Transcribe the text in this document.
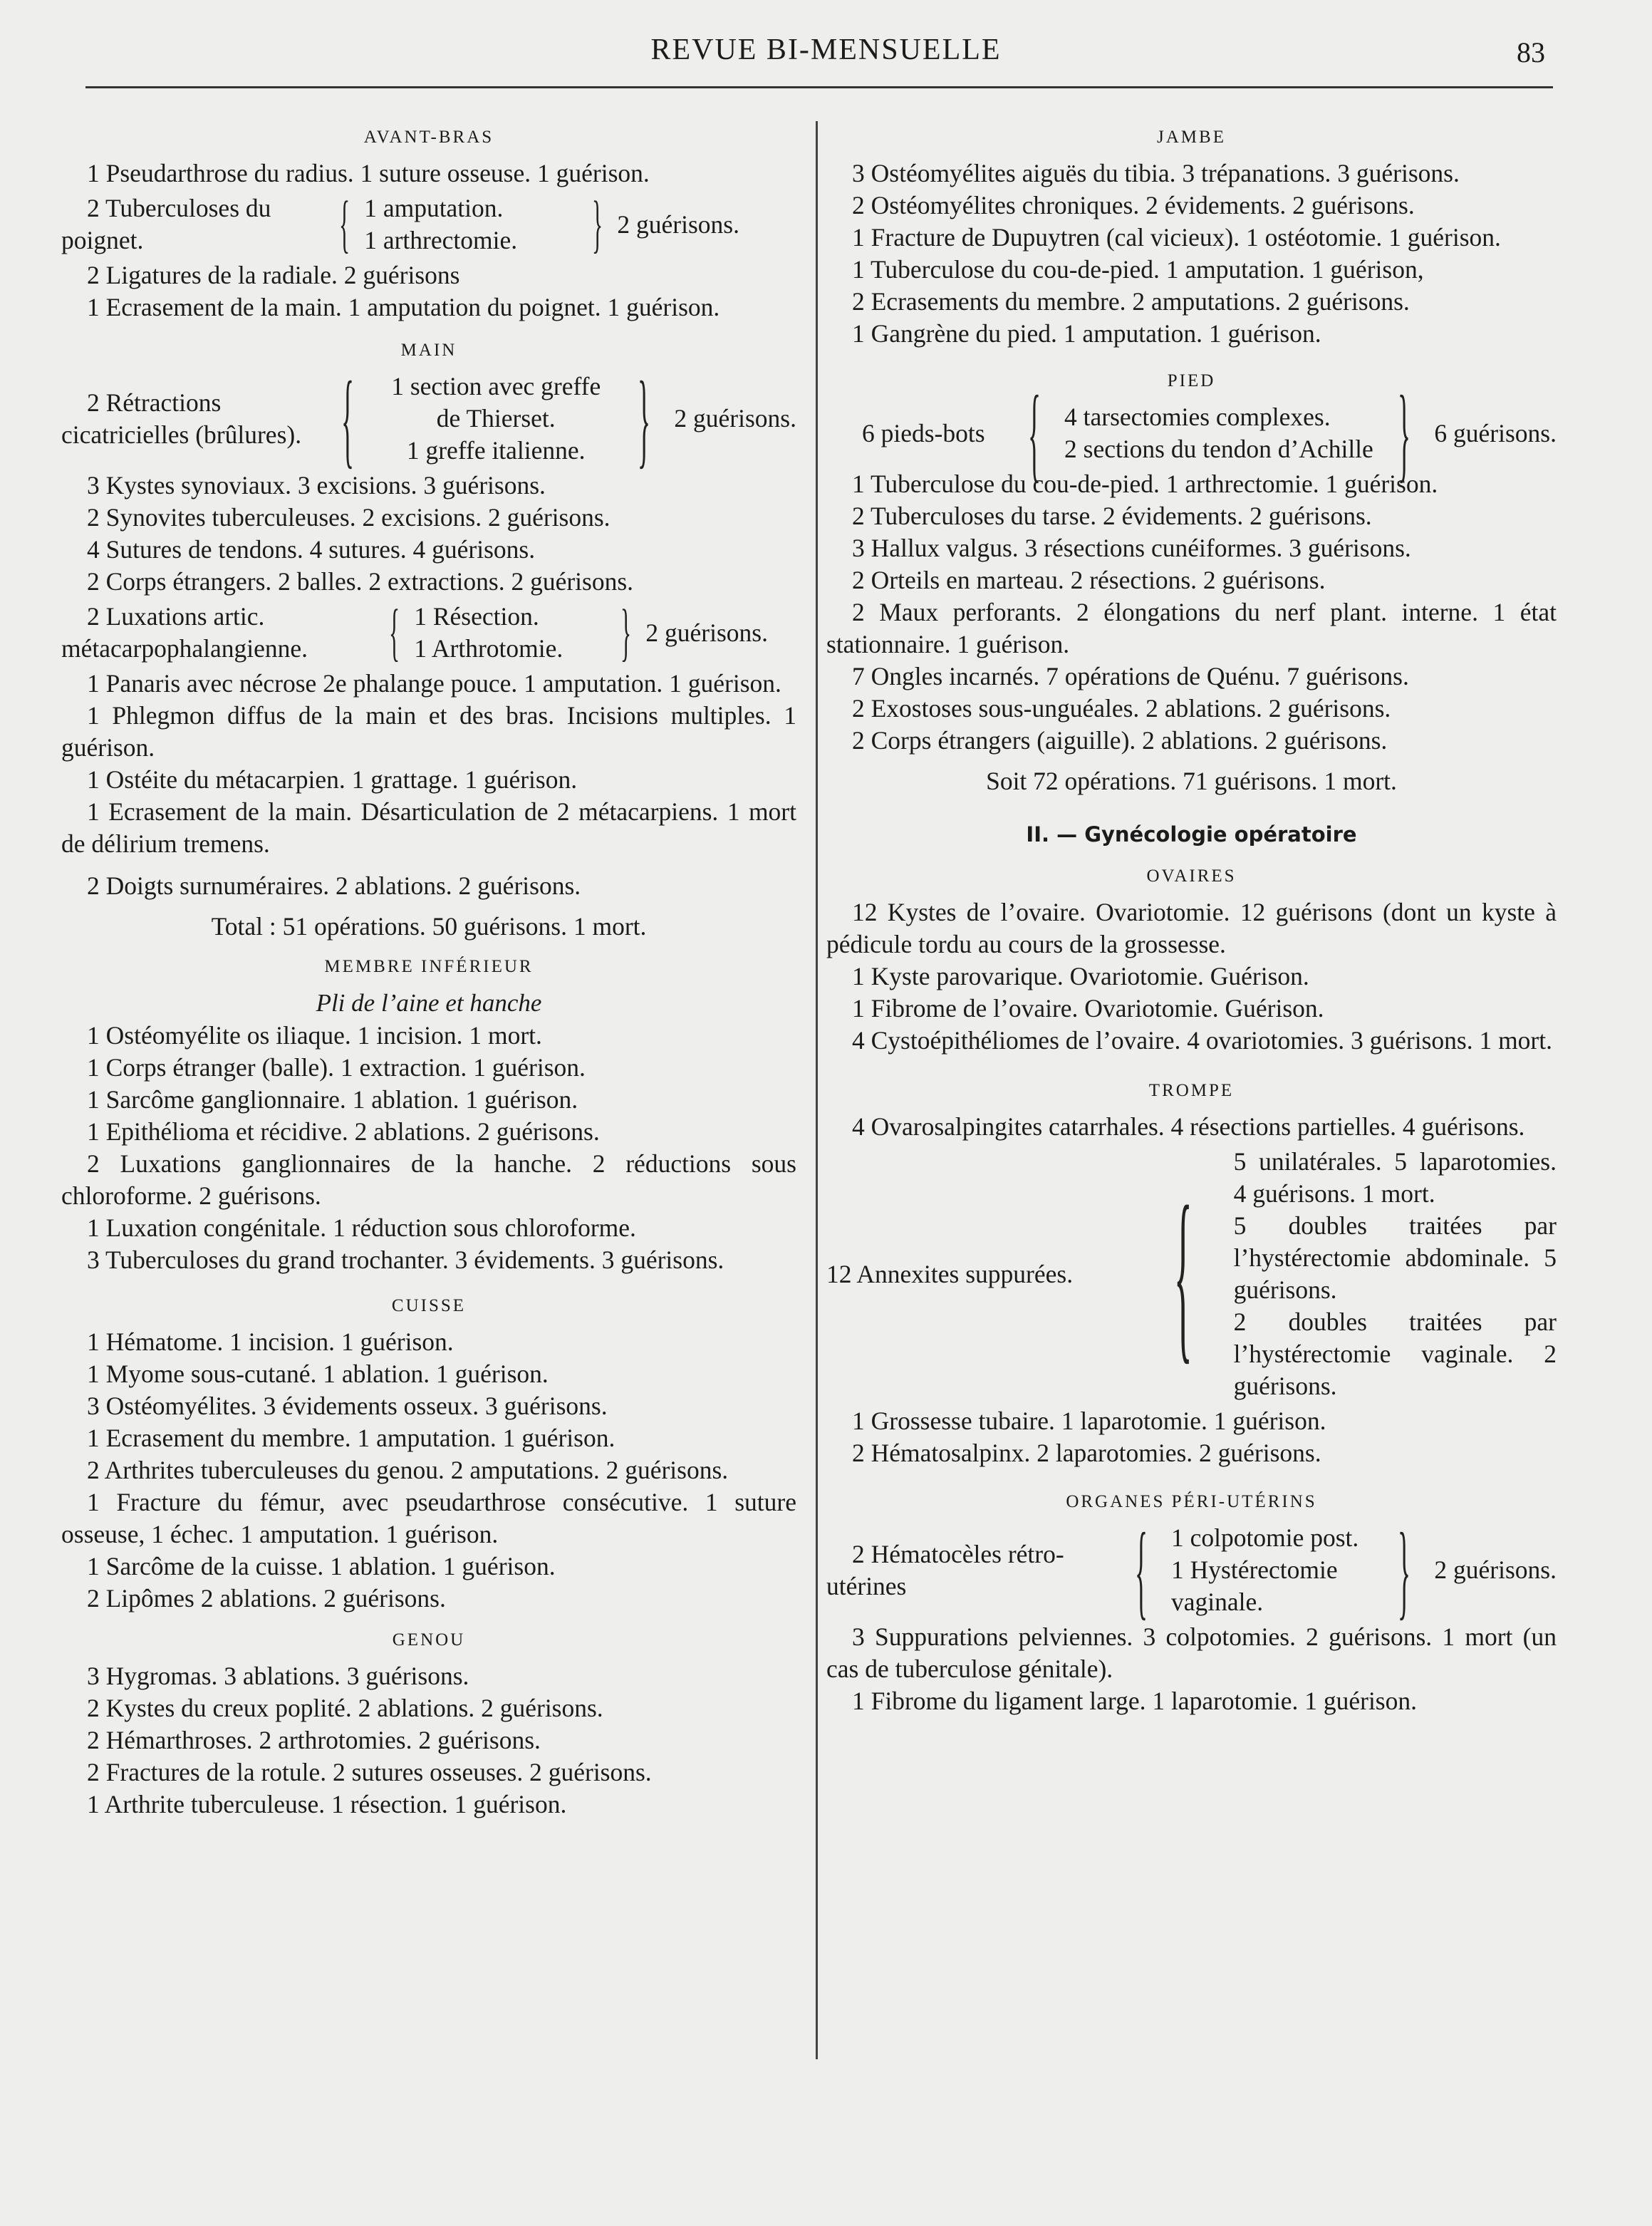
REVUE BI-MENSUELLE	83
AVANT-BRAS

1 Pseudarthrose du radius. 1 suture osseuse. 1 guérison.

2 Tuberculoses du poignet.	{ 1 amputation.
1 arthrectomie.	} 2 guérisons.

2 Ligatures de la radiale. 2 guérisons

1 Ecrasement de la main. 1 amputation du poignet. 1 guérison.

MAIN
2 Rétractions cicatricielles (brûlures). {	1 section avec greffe de Thierset.
1 greffe italienne. } 2 guérisons.

3 Kystes synoviaux. 3 excisions. 3 guérisons.

2 Synovites tuberculeuses. 2 excisions. 2 guérisons.

4 Sutures de tendons. 4 sutures. 4 guérisons.

2 Corps étrangers. 2 balles. 2 extractions. 2 guérisons.

2 Luxations artic. métacarpophalangienne.	{ 1 Résection.
1 Arthrotomie. } 2 guérisons.

1 Panaris avec nécrose 2e phalange pouce. 1 amputation. 1 guérison.

1 Phlegmon diffus de la main et des bras. Incisions multiples. 1 guérison.

1 Ostéite du métacarpien. 1 grattage. 1 guérison.

1 Ecrasement de la main. Désarticulation de 2 métacarpiens. 1 mort de délirium tremens.

2 Doigts surnuméraires. 2 ablations. 2 guérisons.

Total : 51 opérations. 50 guérisons. 1 mort.
MEMBRE INFÉRIEUR
Pli de l’aine et hanche

1 Ostéomyélite os iliaque. 1 incision. 1 mort.

1 Corps étranger (balle). 1 extraction. 1 guérison.

1 Sarcôme ganglionnaire. 1 ablation. 1 guérison.

1 Epithélioma et récidive. 2 ablations. 2 guérisons.

2 Luxations ganglionnaires de la hanche. 2 réductions sous chloroforme. 2 guérisons.

1 Luxation congénitale. 1 réduction sous chloroforme.

3 Tuberculoses du grand trochanter. 3 évidements. 3 guérisons.

CUISSE

1 Hématome. 1 incision. 1 guérison.

1 Myome sous-cutané. 1 ablation. 1 guérison.

3 Ostéomyélites. 3 évidements osseux. 3 guérisons.

1 Ecrasement du membre. 1 amputation. 1 guérison.

2 Arthrites tuberculeuses du genou. 2 amputations. 2 guérisons.

1 Fracture du fémur, avec pseudarthrose consécutive. 1 suture osseuse, 1 échec. 1 amputation. 1 guérison.

1 Sarcôme de la cuisse. 1 ablation. 1 guérison.

2 Lipômes 2 ablations. 2 guérisons.

GENOU

3 Hygromas. 3 ablations. 3 guérisons.

2 Kystes du creux poplité. 2 ablations. 2 guérisons.

2 Hémarthroses. 2 arthrotomies. 2 guérisons.

2 Fractures de la rotule. 2 sutures osseuses. 2 guérisons.

1 Arthrite tuberculeuse. 1 résection. 1 guérison.

JAMBE

3 Ostéomyélites aiguës du tibia. 3 trépanations. 3 guérisons.

2 Ostéomyélites chroniques. 2 évidements. 2 guérisons.

1 Fracture de Dupuytren (cal vicieux). 1 ostéotomie. 1 guérison.

1 Tuberculose du cou-de-pied. 1 amputation. 1 guérison,

2 Ecrasements du membre. 2 amputations. 2 guérisons.

1 Gangrène du pied. 1 amputation. 1 guérison.

PIED
6 pieds-bots { 4 tarsectomies complexes.
2 sections du tendon d’Achille } 6 guérisons.

1 Tuberculose du cou-de-pied. 1 arthrectomie. 1 guérison.

2 Tuberculoses du tarse. 2 évidements. 2 guérisons.

3 Hallux valgus. 3 résections cunéiformes. 3 guérisons.

2 Orteils en marteau. 2 résections. 2 guérisons.

2 Maux perforants. 2 élongations du nerf plant. interne. 1 état stationnaire. 1 guérison.

7 Ongles incarnés. 7 opérations de Quénu. 7 guérisons.

2 Exostoses sous-unguéales. 2 ablations. 2 guérisons.

2 Corps étrangers (aiguille). 2 ablations. 2 guérisons.

Soit 72 opérations. 71 guérisons. 1 mort.
II. — Gynécologie opératoire
OVAIRES

12 Kystes de l’ovaire. Ovariotomie. 12 guérisons (dont un kyste à pédicule tordu au cours de la grossesse.

1 Kyste parovarique. Ovariotomie. Guérison.

1 Fibrome de l’ovaire. Ovariotomie. Guérison.

4 Cystoépithéliomes de l’ovaire. 4 ovariotomies. 3 guérisons. 1 mort.

TROMPE

4 Ovarosalpingites catarrhales. 4 résections partielles. 4 guérisons.

12 Annexites suppurées. {
5 unilatérales. 5 laparotomies. 4 guérisons. 1 mort.
5 doubles traitées par l’hystérectomie abdominale. 5 guérisons.
2 doubles traitées par l’hystérectomie vaginale. 2 guérisons.

1 Grossesse tubaire. 1 laparotomie. 1 guérison.

2 Hématosalpinx. 2 laparotomies. 2 guérisons.

ORGANES PÉRI-UTÉRINS
2 Hématocèles rétro-utérines	{ 1 colpotomie post.
1 Hystérectomie vaginale.	} 2 guérisons.

3 Suppurations pelviennes. 3 colpotomies. 2 guérisons. 1 mort (un cas de tuberculose génitale).

1 Fibrome du ligament large. 1 laparotomie. 1 guérison.
